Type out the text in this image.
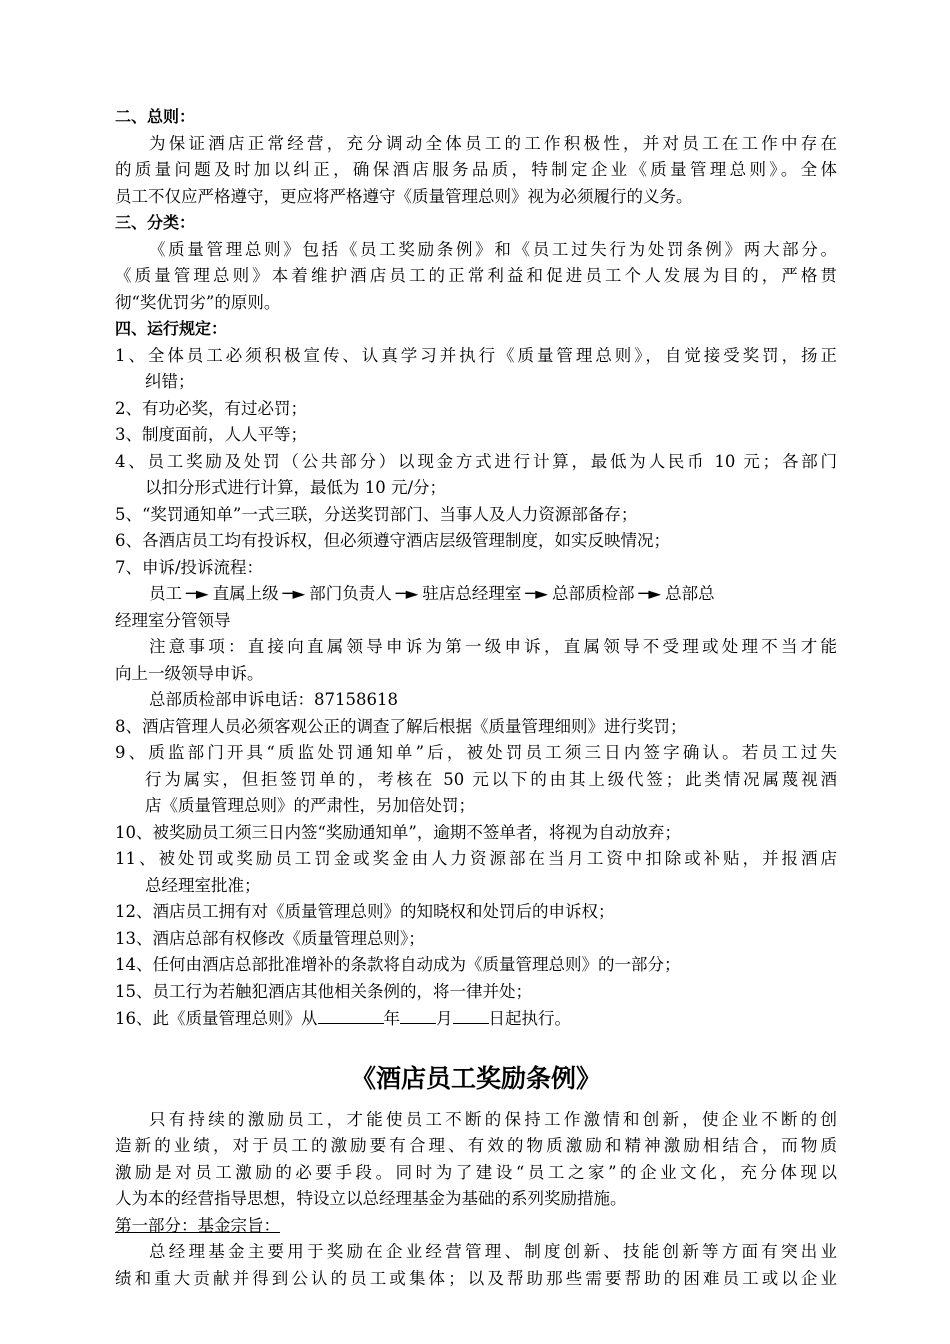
二、总则：
为保证酒店正常经营，充分调动全体员工的工作积极性，并对员工在工作中存在
的质量问题及时加以纠正，确保酒店服务品质，特制定企业《质量管理总则》。全体
员工不仅应严格遵守，更应将严格遵守《质量管理总则》视为必须履行的义务。
三、分类：
《质量管理总则》包括《员工奖励条例》和《员工过失行为处罚条例》两大部分。
《质量管理总则》本着维护酒店员工的正常利益和促进员工个人发展为目的，严格贯
彻“奖优罚劣”的原则。
四、运行规定：
1、全体员工必须积极宣传、认真学习并执行《质量管理总则》，自觉接受奖罚，扬正
纠错；
2、有功必奖，有过必罚；
3、制度面前，人人平等；
4、员工奖励及处罚（公共部分）以现金方式进行计算，最低为人民币 10 元；各部门
以扣分形式进行计算，最低为 10 元/分；
5、“奖罚通知单”一式三联，分送奖罚部门、当事人及人力资源部备存；
6、各酒店员工均有投诉权，但必须遵守酒店层级管理制度，如实反映情况；
7、申诉/投诉流程：
员工 ─► 直属上级 ─► 部门负责人 ─► 驻店总经理室 ─► 总部质检部 ─► 总部总
经理室分管领导
注意事项：直接向直属领导申诉为第一级申诉，直属领导不受理或处理不当才能
向上一级领导申诉。
总部质检部申诉电话：87158618
8、酒店管理人员必须客观公正的调查了解后根据《质量管理细则》进行奖罚；
9、质监部门开具“质监处罚通知单”后，被处罚员工须三日内签字确认。若员工过失
行为属实，但拒签罚单的，考核在 50 元以下的由其上级代签；此类情况属蔑视酒
店《质量管理总则》的严肃性，另加倍处罚；
10、被奖励员工须三日内签“奖励通知单”，逾期不签单者，将视为自动放弃；
11、被处罚或奖励员工罚金或奖金由人力资源部在当月工资中扣除或补贴，并报酒店
总经理室批准；
12、酒店员工拥有对《质量管理总则》的知晓权和处罚后的申诉权；
13、酒店总部有权修改《质量管理总则》；
14、任何由酒店总部批准增补的条款将自动成为《质量管理总则》的一部分；
15、员工行为若触犯酒店其他相关条例的，将一律并处；
16、此《质量管理总则》从	年 月 日起执行。
《酒店员工奖励条例》
只有持续的激励员工，才能使员工不断的保持工作激情和创新，使企业不断的创
造新的业绩，对于员工的激励要有合理、有效的物质激励和精神激励相结合，而物质
激励是对员工激励的必要手段。同时为了建设“员工之家”的企业文化，充分体现以
人为本的经营指导思想，特设立以总经理基金为基础的系列奖励措施。
第一部分：基金宗旨：
总经理基金主要用于奖励在企业经营管理、制度创新、技能创新等方面有突出业
绩和重大贡献并得到公认的员工或集体；以及帮助那些需要帮助的困难员工或以企业
